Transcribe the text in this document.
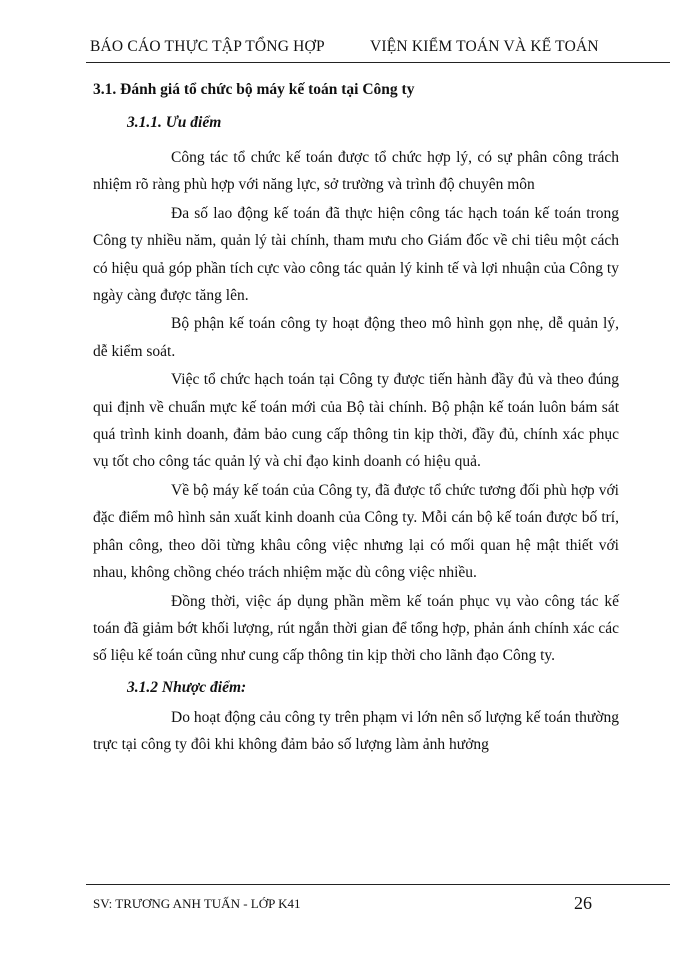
BÁO CÁO THỰC TẬP TỔNG HỢP	VIỆN KIỂM TOÁN VÀ KẾ TOÁN
3.1. Đánh giá tổ chức bộ máy kế toán tại Công ty
3.1.1. Ưu điểm

Công tác tổ chức kế toán được tổ chức hợp lý, có sự phân công trách nhiệm rõ ràng phù hợp với năng lực, sở trường và trình độ chuyên môn

Đa số lao động kế toán đã thực hiện công tác hạch toán kế toán trong Công ty nhiều năm, quản lý tài chính, tham mưu cho Giám đốc về chi tiêu một cách có hiệu quả góp phần tích cực vào công tác quản lý kinh tế và lợi nhuận của Công ty ngày càng được tăng lên.

Bộ phận kế toán công ty hoạt động theo mô hình gọn nhẹ, dễ quản lý, dễ kiểm soát.

Việc tổ chức hạch toán tại Công ty được tiến hành đầy đủ và theo đúng qui định về chuẩn mực kế toán mới của Bộ tài chính. Bộ phận kế toán luôn bám sát quá trình kinh doanh, đảm bảo cung cấp thông tin kịp thời, đầy đủ, chính xác phục vụ tốt cho công tác quản lý và chỉ đạo kinh doanh có hiệu quả.

Về bộ máy kế toán của Công ty, đã được tổ chức tương đối phù hợp với đặc điểm mô hình sản xuất kinh doanh của Công ty. Mỗi cán bộ kế toán được bố trí, phân công, theo dõi từng khâu công việc nhưng lại có mối quan hệ mật thiết với nhau, không chồng chéo trách nhiệm mặc dù công việc nhiều.

Đồng thời, việc áp dụng phần mềm kế toán phục vụ vào công tác kế toán đã giảm bớt khối lượng, rút ngắn thời gian để tổng hợp, phản ánh chính xác các số liệu kế toán cũng như cung cấp thông tin kịp thời cho lãnh đạo Công ty.

3.1.2 Nhược điểm:

Do hoạt động cảu công ty trên phạm vi lớn nên số lượng kế toán thường trực tại công ty đôi khi không đảm bảo số lượng làm ảnh hưởng

SV: TRƯƠNG ANH TUẤN - LỚP K41	26
